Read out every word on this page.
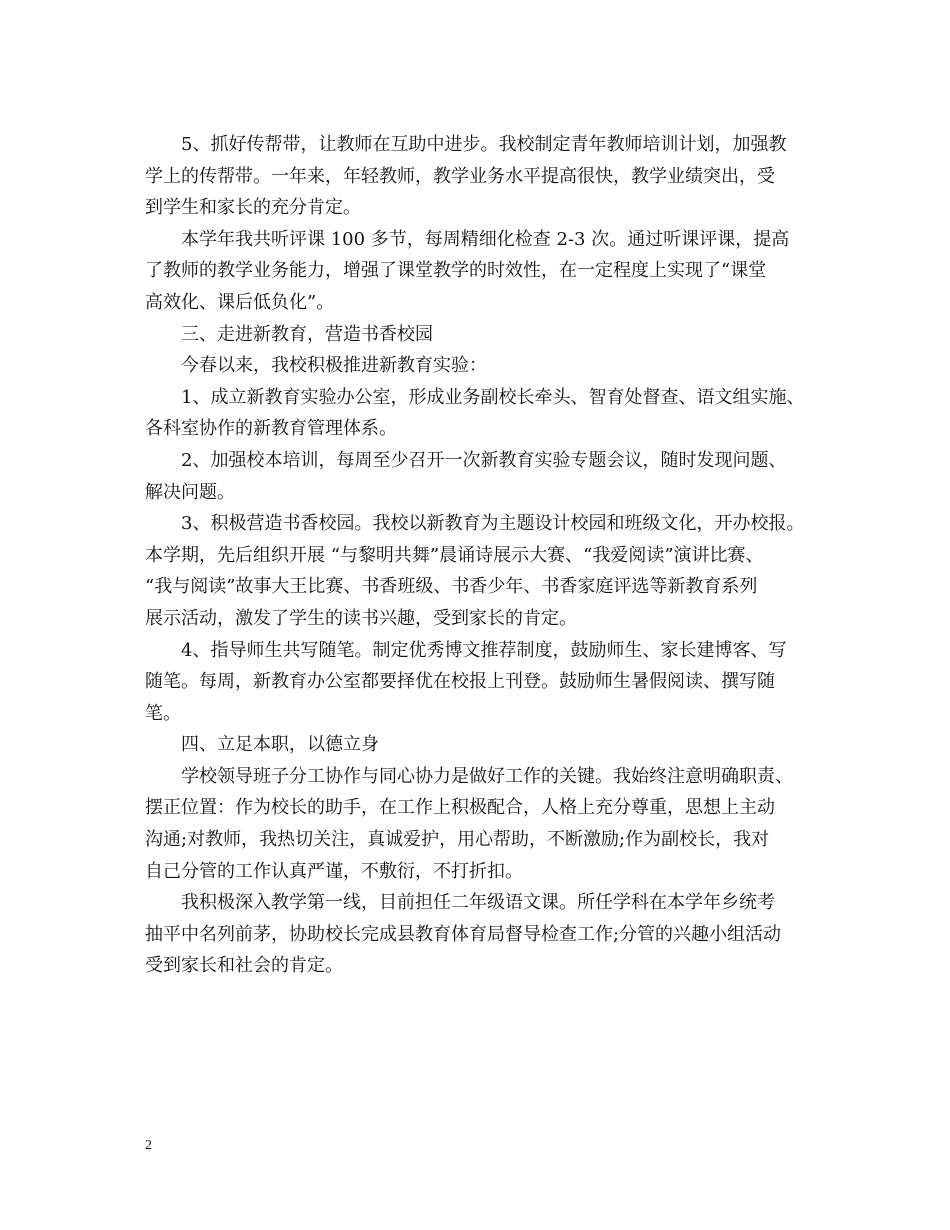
5、抓好传帮带，让教师在互助中进步。我校制定青年教师培训计划，加强教
学上的传帮带。一年来，年轻教师，教学业务水平提高很快，教学业绩突出，受
到学生和家长的充分肯定。

本学年我共听评课 100 多节，每周精细化检查 2-3 次。通过听课评课，提高
了教师的教学业务能力，增强了课堂教学的时效性，在一定程度上实现了“课堂
高效化、课后低负化”。

三、走进新教育，营造书香校园

今春以来，我校积极推进新教育实验：

1、成立新教育实验办公室，形成业务副校长牵头、智育处督查、语文组实施、
各科室协作的新教育管理体系。

2、加强校本培训，每周至少召开一次新教育实验专题会议，随时发现问题、
解决问题。

3、积极营造书香校园。我校以新教育为主题设计校园和班级文化，开办校报。
本学期，先后组织开展 “与黎明共舞”晨诵诗展示大赛、“我爱阅读”演讲比赛、
“我与阅读”故事大王比赛、书香班级、书香少年、书香家庭评选等新教育系列
展示活动，激发了学生的读书兴趣，受到家长的肯定。

4、指导师生共写随笔。制定优秀博文推荐制度，鼓励师生、家长建博客、写
随笔。每周，新教育办公室都要择优在校报上刊登。鼓励师生暑假阅读、撰写随
笔。

四、立足本职，以德立身

学校领导班子分工协作与同心协力是做好工作的关键。我始终注意明确职责、
摆正位置：作为校长的助手，在工作上积极配合，人格上充分尊重，思想上主动
沟通;对教师，我热切关注，真诚爱护，用心帮助，不断激励;作为副校长，我对
自己分管的工作认真严谨，不敷衍，不打折扣。

我积极深入教学第一线，目前担任二年级语文课。所任学科在本学年乡统考
抽平中名列前茅，协助校长完成县教育体育局督导检查工作;分管的兴趣小组活动
受到家长和社会的肯定。

2
